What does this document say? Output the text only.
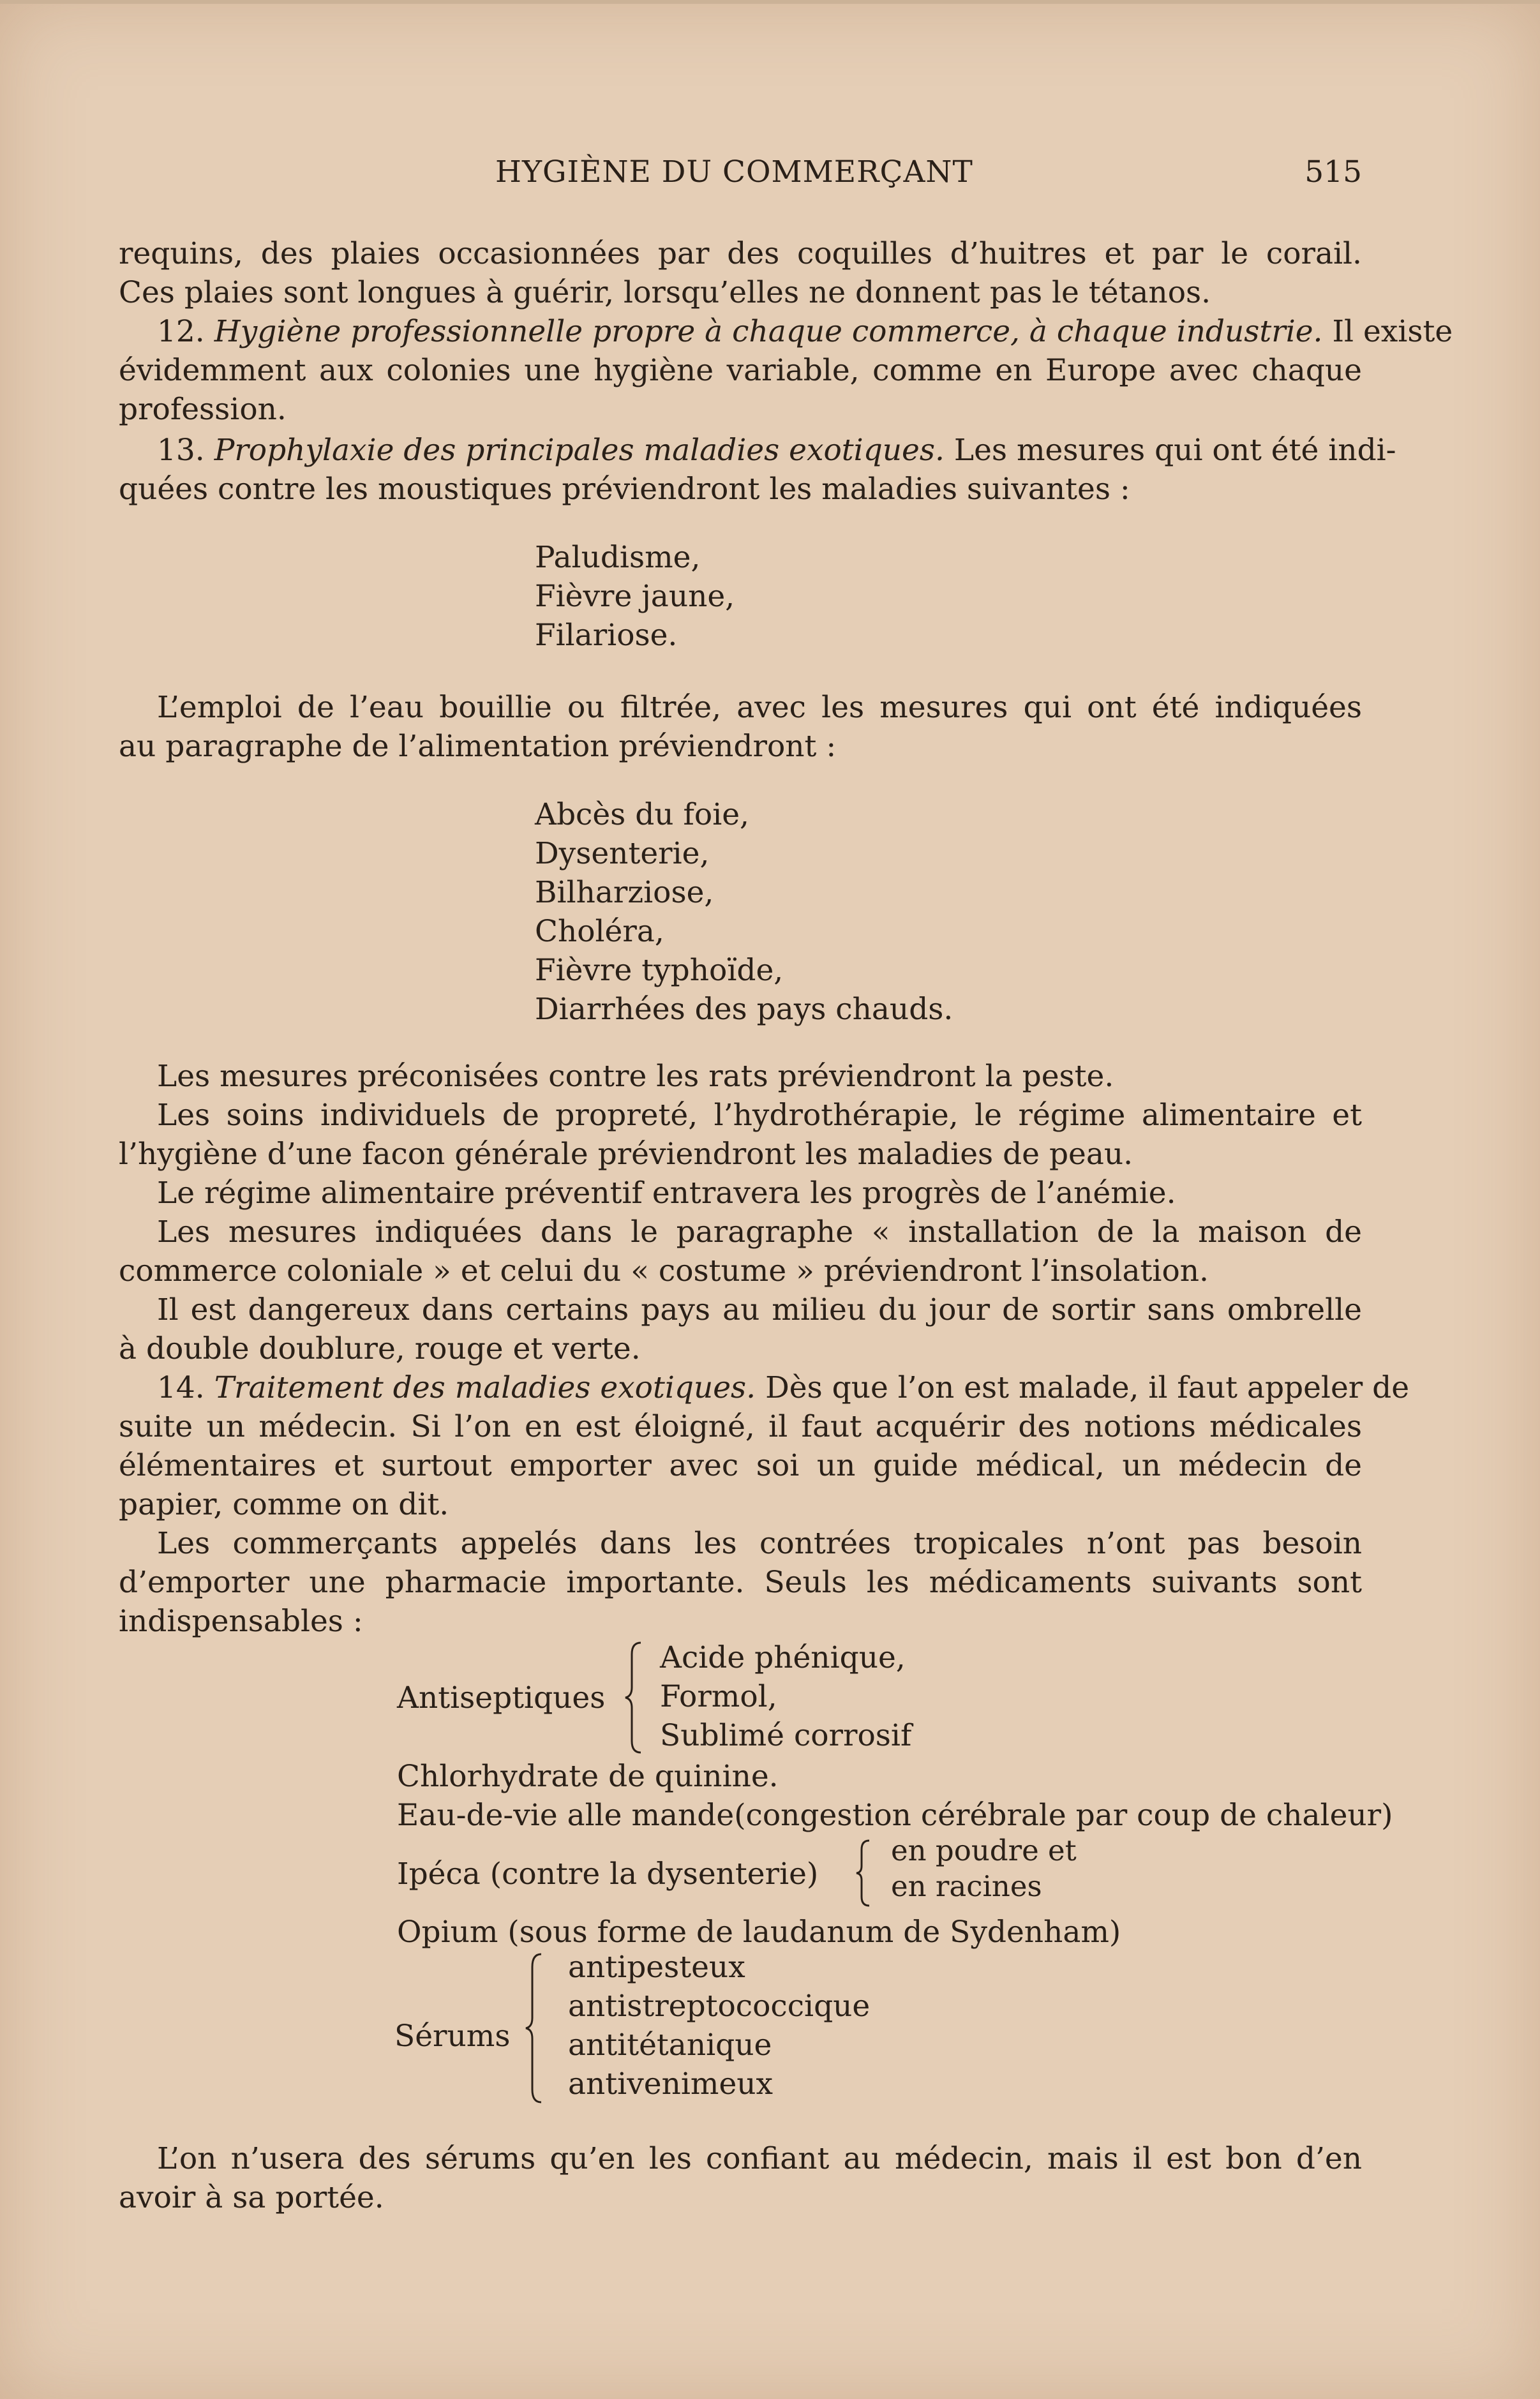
HYGIÈNE DU COMMERÇANT	515
requins, des plaies occasionnées par des coquilles d’huitres et par le corail.
Ces plaies sont longues à guérir, lorsqu’elles ne donnent pas le tétanos.
12. Hygiène professionnelle propre à chaque commerce, à chaque industrie. Il existe
évidemment aux colonies une hygiène variable, comme en Europe avec chaque
profession.
13. Prophylaxie des principales maladies exotiques. Les mesures qui ont été indi-
quées contre les moustiques préviendront les maladies suivantes :
Paludisme,
Fièvre jaune,
Filariose.
L’emploi de l’eau bouillie ou filtrée, avec les mesures qui ont été indiquées
au paragraphe de l’alimentation préviendront :
Abcès du foie,
Dysenterie,
Bilharziose,
Choléra,
Fièvre typhoïde,
Diarrhées des pays chauds.
Les mesures préconisées contre les rats préviendront la peste.
Les soins individuels de propreté, l’hydrothérapie, le régime alimentaire et
l’hygiène d’une facon générale préviendront les maladies de peau.
Le régime alimentaire préventif entravera les progrès de l’anémie.
Les mesures indiquées dans le paragraphe « installation de la maison de
commerce coloniale » et celui du « costume » préviendront l’insolation.
Il est dangereux dans certains pays au milieu du jour de sortir sans ombrelle
à double doublure, rouge et verte.
14. Traitement des maladies exotiques. Dès que l’on est malade, il faut appeler de
suite un médecin. Si l’on en est éloigné, il faut acquérir des notions médicales
élémentaires et surtout emporter avec soi un guide médical, un médecin de
papier, comme on dit.
Les commerçants appelés dans les contrées tropicales n’ont pas besoin
d’emporter une pharmacie importante. Seuls les médicaments suivants sont
indispensables :
Antiseptiques
Acide phénique,
Formol,
Sublimé corrosif
Chlorhydrate de quinine.
Eau-de-vie alle mande(congestion cérébrale par coup de chaleur)
Ipéca (contre la dysenterie)
en poudre et
en racines
Opium (sous forme de laudanum de Sydenham)
Sérums
antipesteux
antistreptococcique
antitétanique
antivenimeux
L’on n’usera des sérums qu’en les confiant au médecin, mais il est bon d’en
avoir à sa portée.
